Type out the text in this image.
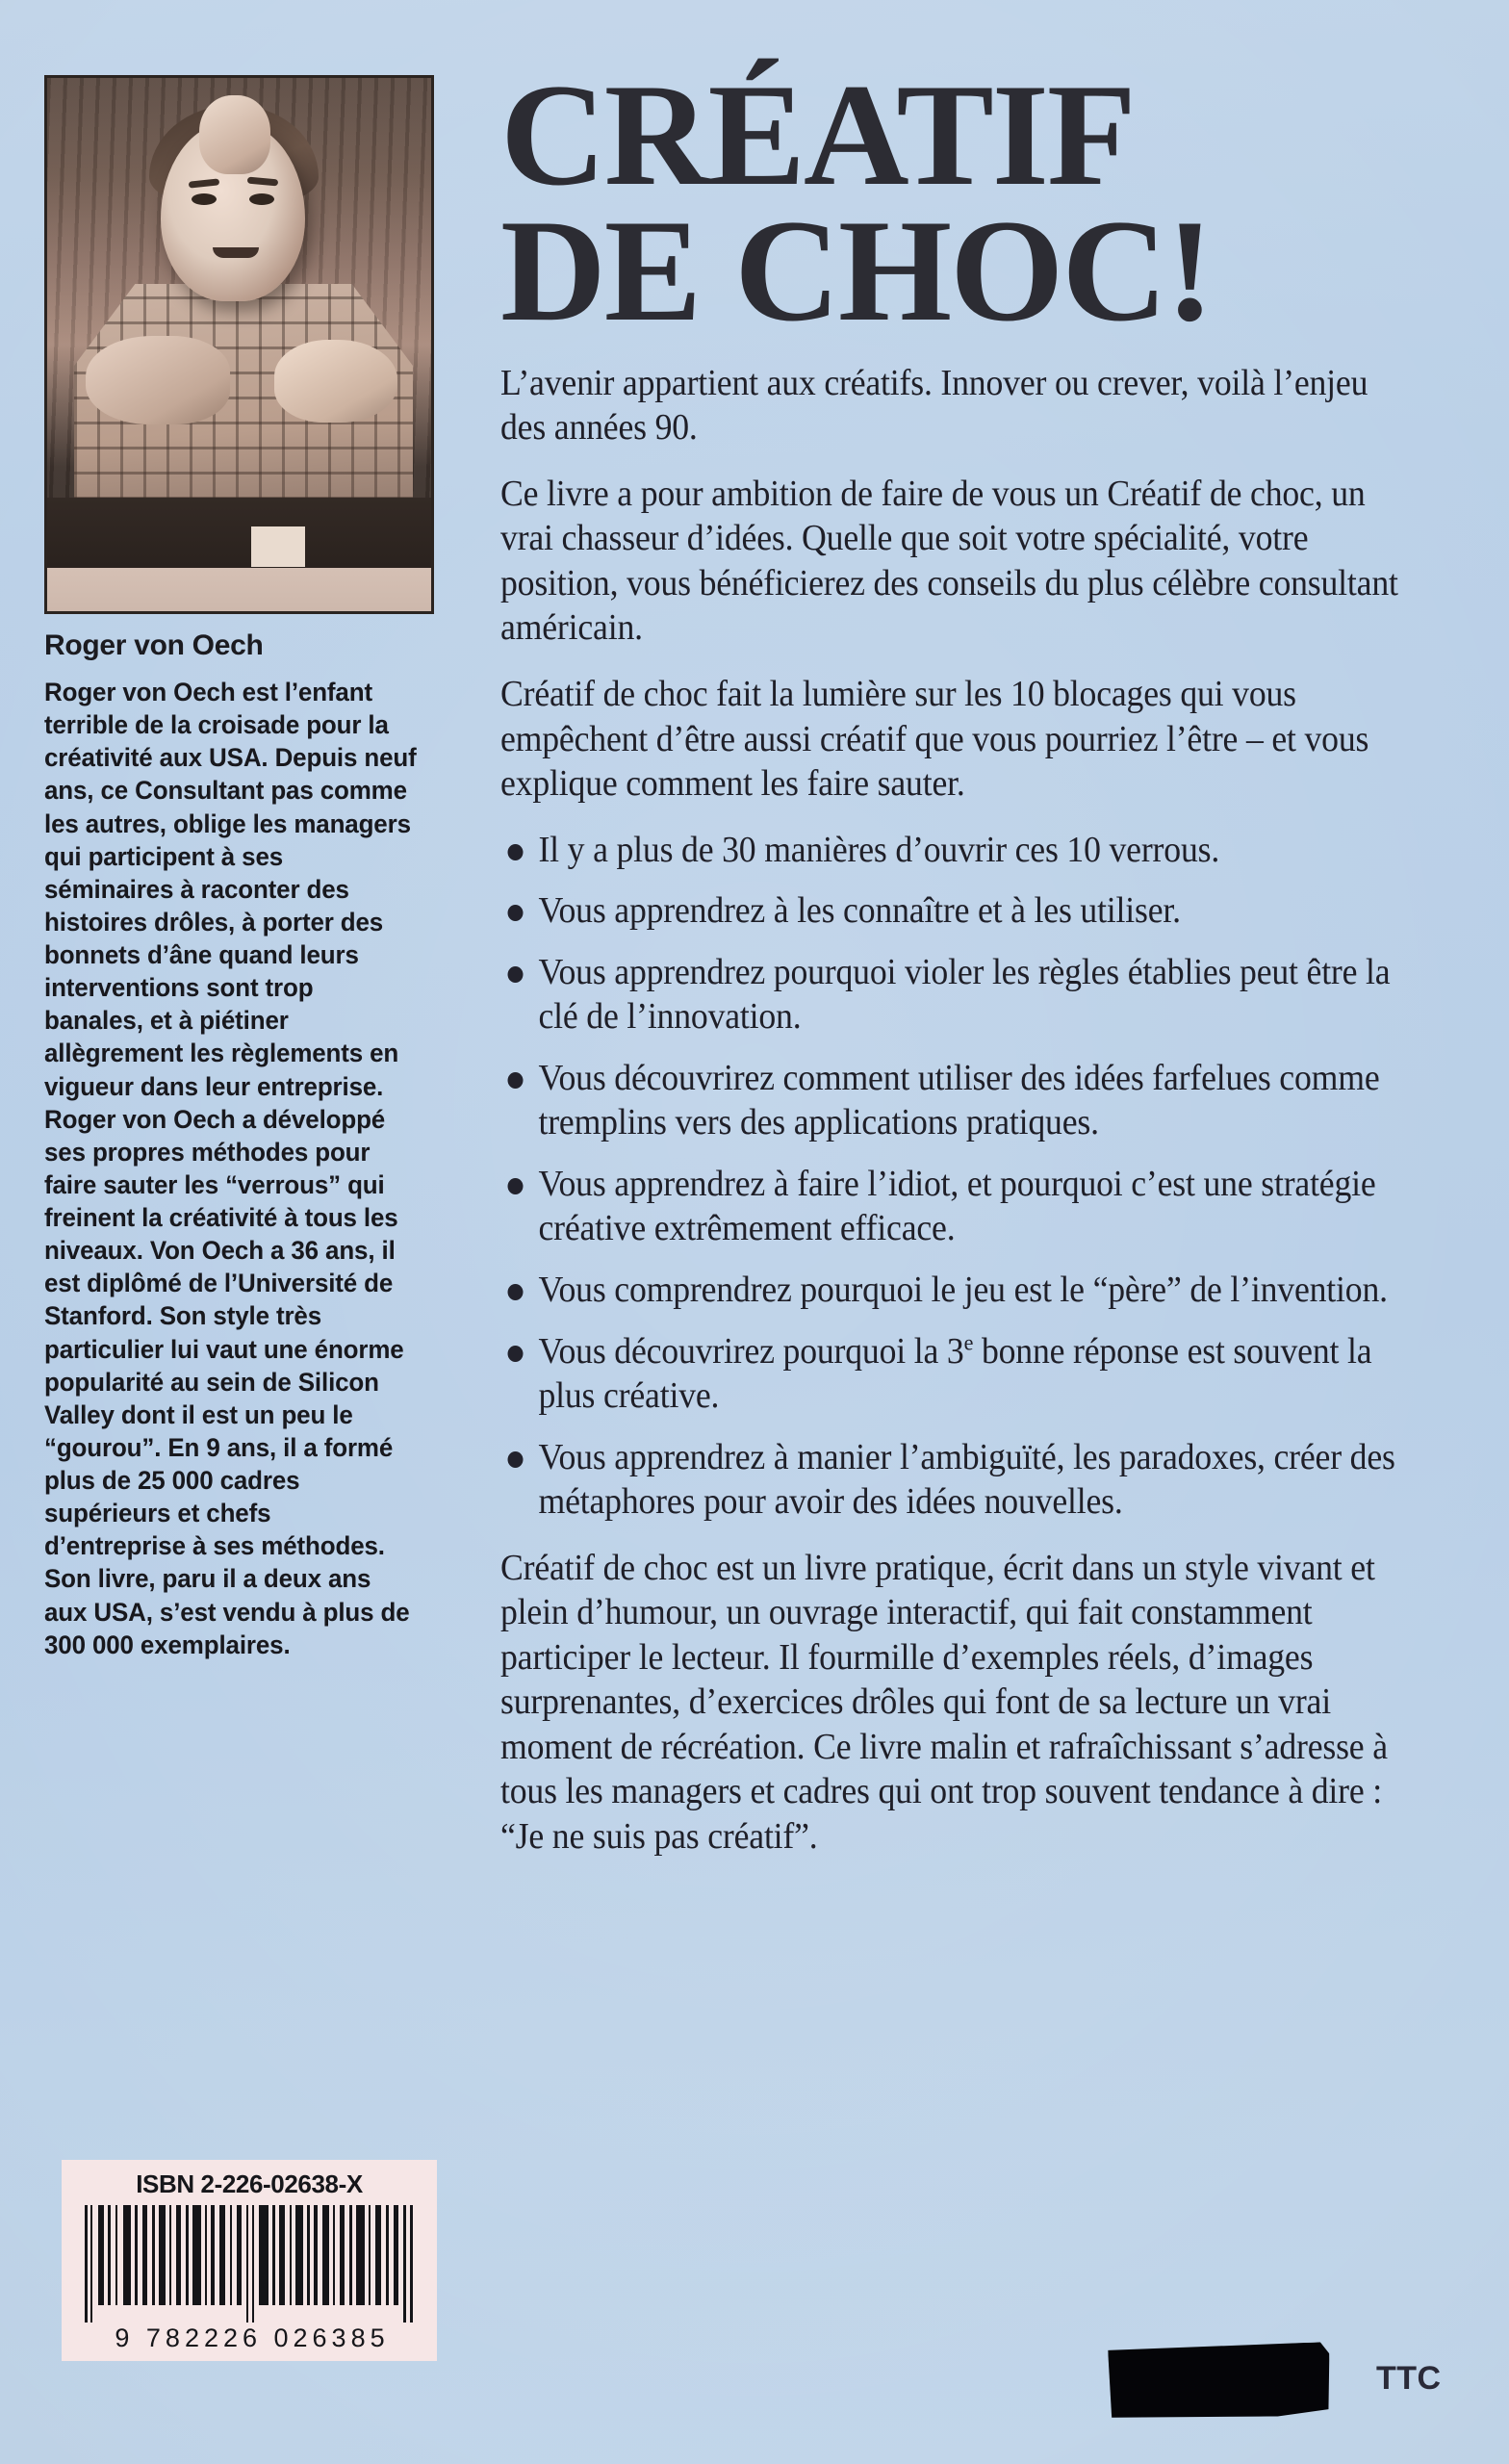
Roger von Oech
Roger von Oech est l’enfant terrible de la croisade pour la créativité aux USA. Depuis neuf ans, ce Consultant pas comme les autres, oblige les managers qui participent à ses séminaires à raconter des histoires drôles, à porter des bonnets d’âne quand leurs interventions sont trop banales, et à piétiner allègrement les règlements en vigueur dans leur entreprise. Roger von Oech a développé ses propres méthodes pour faire sauter les “verrous” qui freinent la créativité à tous les niveaux. Von Oech a 36 ans, il est diplômé de l’Université de Stanford. Son style très particulier lui vaut une énorme popularité au sein de Silicon Valley dont il est un peu le “gourou”. En 9 ans, il a formé plus de 25 000 cadres supérieurs et chefs d’entreprise à ses méthodes. Son livre, paru il a deux ans aux USA, s’est vendu à plus de 300 000 exemplaires.
ISBN 2-226-02638-X
9 782226 026385
CRÉATIF
DE CHOC!

L’avenir appartient aux créatifs. Innover ou crever, voilà l’enjeu des années 90.

Ce livre a pour ambition de faire de vous un Créatif de choc, un vrai chasseur d’idées. Quelle que soit votre spécialité, votre position, vous bénéficierez des conseils du plus célèbre consultant américain.

Créatif de choc fait la lumière sur les 10 blocages qui vous empêchent d’être aussi créatif que vous pourriez l’être – et vous explique comment les faire sauter.

Il y a plus de 30 manières d’ouvrir ces 10 verrous.
Vous apprendrez à les connaître et à les utiliser.
Vous apprendrez pourquoi violer les règles établies peut être la clé de l’innovation.
Vous découvrirez comment utiliser des idées farfelues comme tremplins vers des applications pratiques.
Vous apprendrez à faire l’idiot, et pourquoi c’est une stratégie créative extrêmement efficace.
Vous comprendrez pourquoi le jeu est le “père” de l’invention.
Vous découvrirez pourquoi la 3e bonne réponse est souvent la plus créative.
Vous apprendrez à manier l’ambiguïté, les paradoxes, créer des métaphores pour avoir des idées nouvelles.

Créatif de choc est un livre pratique, écrit dans un style vivant et plein d’humour, un ouvrage interactif, qui fait constamment participer le lecteur. Il fourmille d’exemples réels, d’images surprenantes, d’exercices drôles qui font de sa lecture un vrai moment de récréation. Ce livre malin et rafraîchissant s’adresse à tous les managers et cadres qui ont trop souvent tendance à dire : “Je ne suis pas créatif”.

TTC
